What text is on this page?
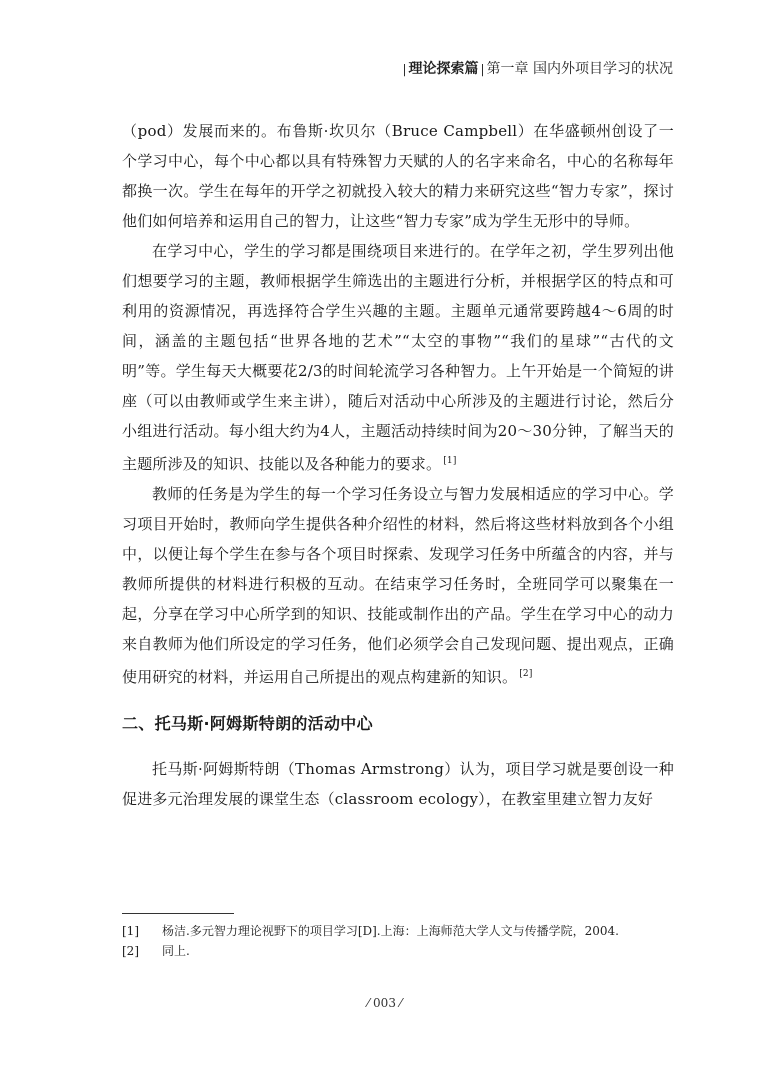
| 理论探索篇 | 第一章 国内外项目学习的状况

（pod）发展而来的。布鲁斯·坎贝尔（Bruce Campbell）在华盛顿州创设了一个学习中心，每个中心都以具有特殊智力天赋的人的名字来命名，中心的名称每年都换一次。学生在每年的开学之初就投入较大的精力来研究这些“智力专家”，探讨他们如何培养和运用自己的智力，让这些“智力专家”成为学生无形中的导师。

在学习中心，学生的学习都是围绕项目来进行的。在学年之初，学生罗列出他们想要学习的主题，教师根据学生筛选出的主题进行分析，并根据学区的特点和可利用的资源情况，再选择符合学生兴趣的主题。主题单元通常要跨越4～6周的时间，涵盖的主题包括“世界各地的艺术”“太空的事物”“我们的星球”“古代的文明”等。学生每天大概要花2/3的时间轮流学习各种智力。上午开始是一个简短的讲座（可以由教师或学生来主讲），随后对活动中心所涉及的主题进行讨论，然后分小组进行活动。每小组大约为4人，主题活动持续时间为20～30分钟，了解当天的主题所涉及的知识、技能以及各种能力的要求。 [1]

教师的任务是为学生的每一个学习任务设立与智力发展相适应的学习中心。学习项目开始时，教师向学生提供各种介绍性的材料，然后将这些材料放到各个小组中，以便让每个学生在参与各个项目时探索、发现学习任务中所蕴含的内容，并与教师所提供的材料进行积极的互动。在结束学习任务时，全班同学可以聚集在一起，分享在学习中心所学到的知识、技能或制作出的产品。学生在学习中心的动力来自教师为他们所设定的学习任务，他们必须学会自己发现问题、提出观点，正确使用研究的材料，并运用自己所提出的观点构建新的知识。 [2]

二、托马斯·阿姆斯特朗的活动中心

托马斯·阿姆斯特朗（Thomas Armstrong）认为，项目学习就是要创设一种促进多元治理发展的课堂生态（classroom ecology），在教室里建立智力友好

[1] 杨洁.多元智力理论视野下的项目学习[D].上海：上海师范大学人文与传播学院，2004.
[2] 同上.
⁄ 003 ⁄
